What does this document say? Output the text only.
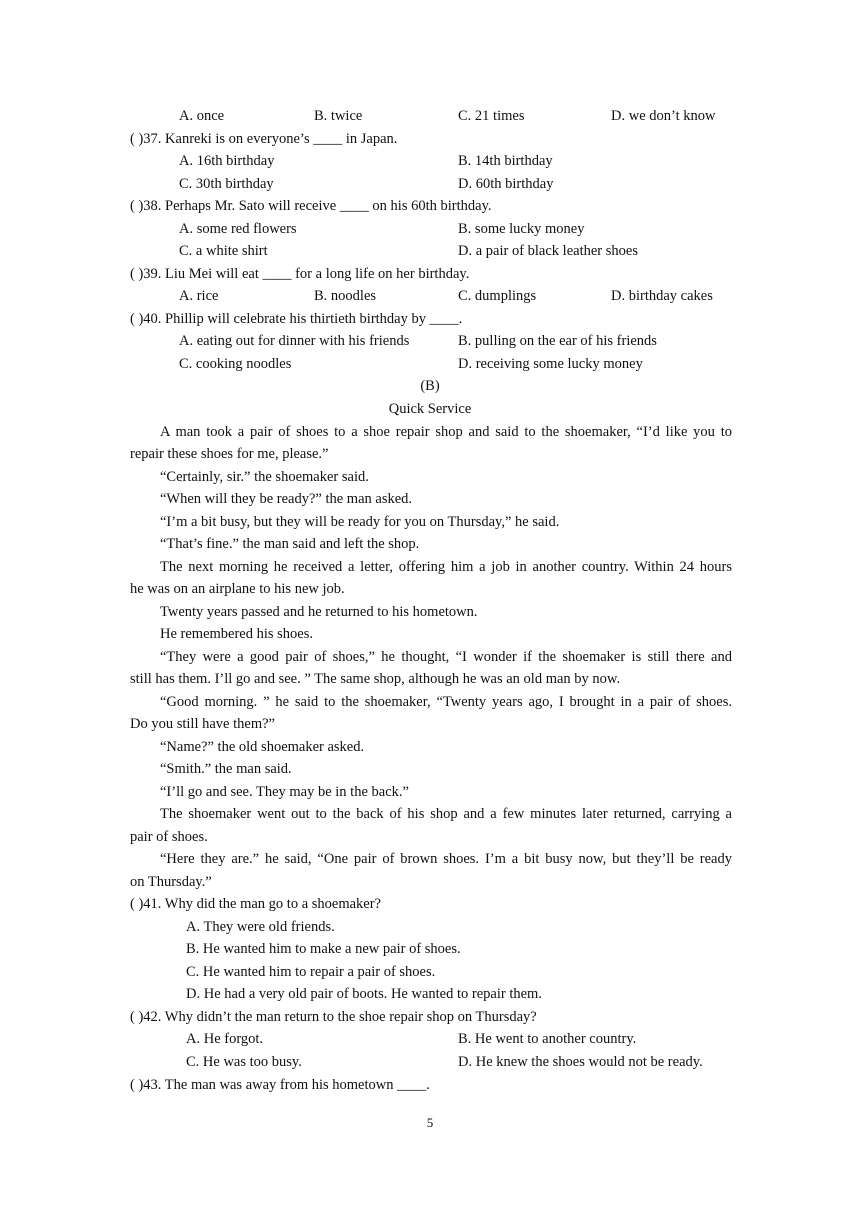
A. once	B. twice	C. 21 times	D. we don’t know
( )37. Kanreki is on everyone’s ____ in Japan.
A. 16th birthday	B. 14th birthday
C. 30th birthday	D. 60th birthday
( )38. Perhaps Mr. Sato will receive ____ on his 60th birthday.
A. some red flowers	B. some lucky money
C. a white shirt	D. a pair of black leather shoes
( )39. Liu Mei will eat ____ for a long life on her birthday.
A. rice	B. noodles	C. dumplings	D. birthday cakes
( )40. Phillip will celebrate his thirtieth birthday by ____.
A. eating out for dinner with his friends	B. pulling on the ear of his friends
C. cooking noodles	D. receiving some lucky money
(B)
Quick Service
A man took a pair of shoes to a shoe repair shop and said to the shoemaker, “I’d like you to
repair these shoes for me, please.”
“Certainly, sir.” the shoemaker said.
“When will they be ready?” the man asked.
“I’m a bit busy, but they will be ready for you on Thursday,” he said.
“That’s fine.” the man said and left the shop.
The next morning he received a letter, offering him a job in another country. Within 24 hours
he was on an airplane to his new job.
Twenty years passed and he returned to his hometown.
He remembered his shoes.
“They were a good pair of shoes,” he thought, “I wonder if the shoemaker is still there and
still has them. I’ll go and see. ” The same shop, although he was an old man by now.
“Good morning. ” he said to the shoemaker, “Twenty years ago, I brought in a pair of shoes.
Do you still have them?”
“Name?” the old shoemaker asked.
“Smith.” the man said.
“I’ll go and see. They may be in the back.”
The shoemaker went out to the back of his shop and a few minutes later returned, carrying a
pair of shoes.
“Here they are.” he said, “One pair of brown shoes. I’m a bit busy now, but they’ll be ready
on Thursday.”
( )41. Why did the man go to a shoemaker?
A. They were old friends.
B. He wanted him to make a new pair of shoes.
C. He wanted him to repair a pair of shoes.
D. He had a very old pair of boots. He wanted to repair them.
( )42. Why didn’t the man return to the shoe repair shop on Thursday?
A. He forgot.	B. He went to another country.
C. He was too busy.	D. He knew the shoes would not be ready.
( )43. The man was away from his hometown ____.
5
